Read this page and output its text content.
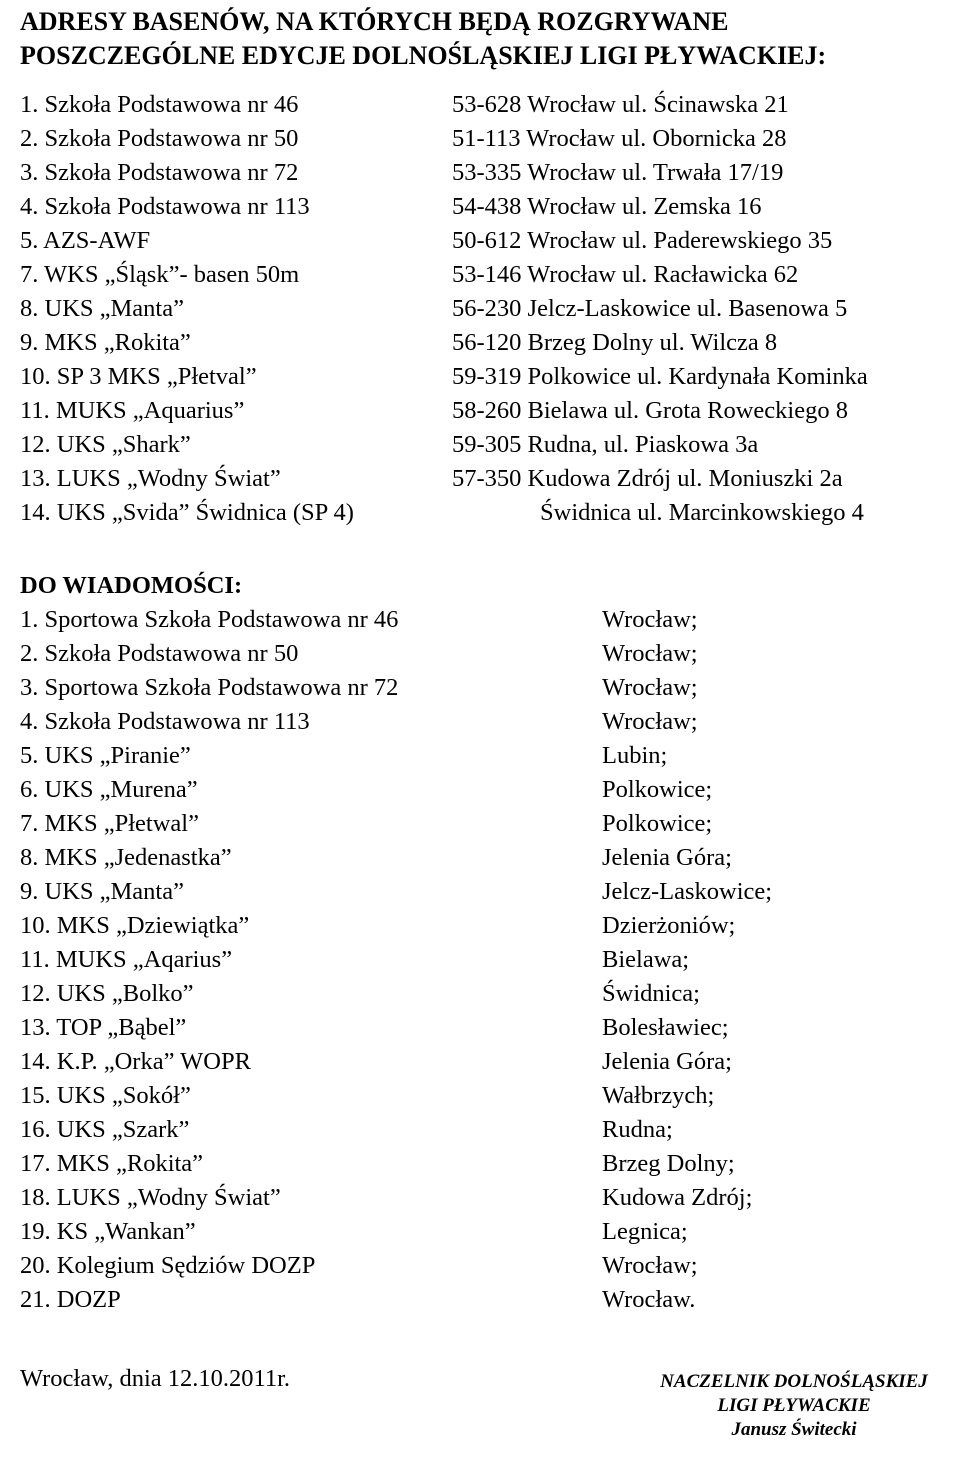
ADRESY BASENÓW, NA KTÓRYCH BĘDĄ ROZGRYWANE
POSZCZEGÓLNE EDYCJE DOLNOŚLĄSKIEJ LIGI PŁYWACKIEJ:
1. Szkoła Podstawowa nr 46	53-628 Wrocław ul. Ścinawska 21
2. Szkoła Podstawowa nr 50	51-113 Wrocław ul. Obornicka 28
3. Szkoła Podstawowa nr 72	53-335 Wrocław ul. Trwała 17/19
4. Szkoła Podstawowa nr 113	54-438 Wrocław ul. Zemska 16
5. AZS-AWF	50-612 Wrocław ul. Paderewskiego 35
7. WKS „Śląsk”- basen 50m	53-146 Wrocław ul. Racławicka 62
8. UKS „Manta”	56-230 Jelcz-Laskowice ul. Basenowa 5
9. MKS „Rokita”	56-120 Brzeg Dolny ul. Wilcza 8
10. SP 3 MKS „Płetval”	59-319 Polkowice ul. Kardynała Kominka
11. MUKS „Aquarius”	58-260 Bielawa ul. Grota Roweckiego 8
12. UKS „Shark”	59-305 Rudna, ul. Piaskowa 3a
13. LUKS „Wodny Świat”	57-350 Kudowa Zdrój ul. Moniuszki 2a
14. UKS „Svida” Świdnica (SP 4)	Świdnica ul. Marcinkowskiego 4
DO WIADOMOŚCI:
1. Sportowa Szkoła Podstawowa nr 46	Wrocław;
2. Szkoła Podstawowa nr 50	Wrocław;
3. Sportowa Szkoła Podstawowa nr 72	Wrocław;
4. Szkoła Podstawowa nr 113	Wrocław;
5. UKS „Piranie”	Lubin;
6. UKS „Murena”	Polkowice;
7. MKS „Płetwal”	Polkowice;
8. MKS „Jedenastka”	Jelenia Góra;
9. UKS „Manta”	Jelcz-Laskowice;
10. MKS „Dziewiątka”	Dzierżoniów;
11. MUKS „Aqarius”	Bielawa;
12. UKS „Bolko”	Świdnica;
13. TOP „Bąbel”	Bolesławiec;
14. K.P. „Orka” WOPR	Jelenia Góra;
15. UKS „Sokół”	Wałbrzych;
16. UKS „Szark”	Rudna;
17. MKS „Rokita”	Brzeg Dolny;
18. LUKS „Wodny Świat”	Kudowa Zdrój;
19. KS „Wankan”	Legnica;
20. Kolegium Sędziów DOZP	Wrocław;
21. DOZP	Wrocław.
Wrocław, dnia 12.10.2011r.	NACZELNIK DOLNOŚLĄSKIEJ
LIGI PŁYWACKIE
Janusz Świtecki
